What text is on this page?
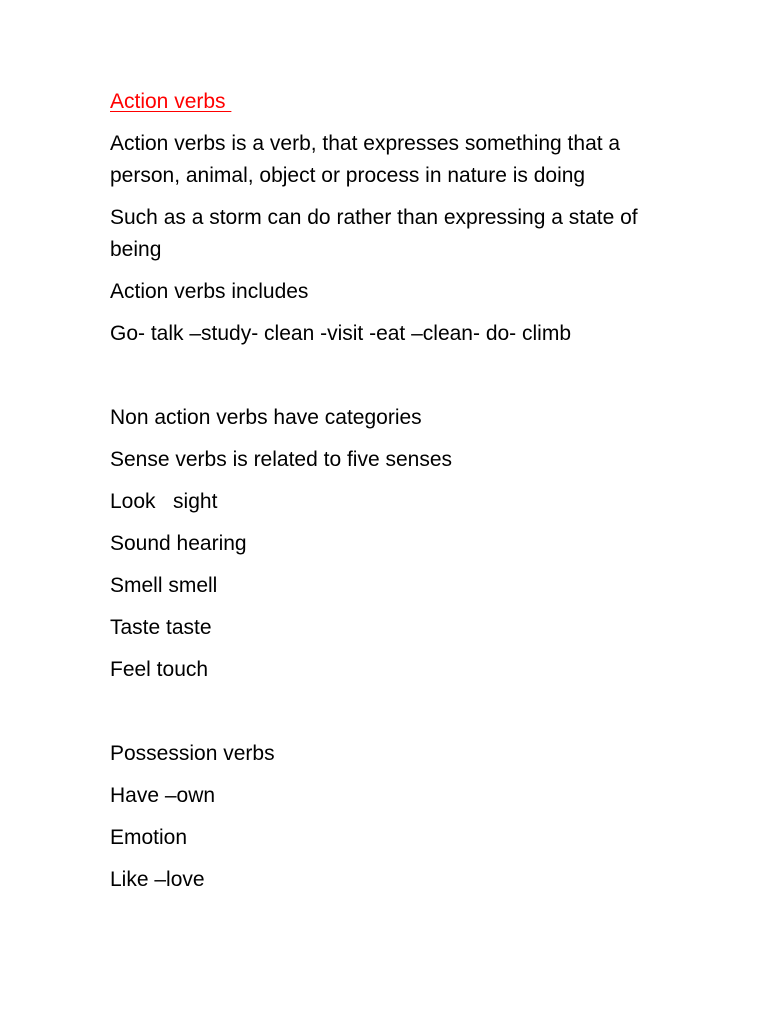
Action verbs

Action verbs is a verb, that expresses something that a person, animal, object or process in nature is doing

Such as a storm can do rather than expressing a state of being

Action verbs includes

Go- talk –study- clean -visit -eat –clean- do- climb

Non action verbs have categories

Sense verbs is related to five senses

Look   sight

Sound hearing

Smell smell

Taste taste

Feel touch

Possession verbs

Have –own

Emotion

Like –love
